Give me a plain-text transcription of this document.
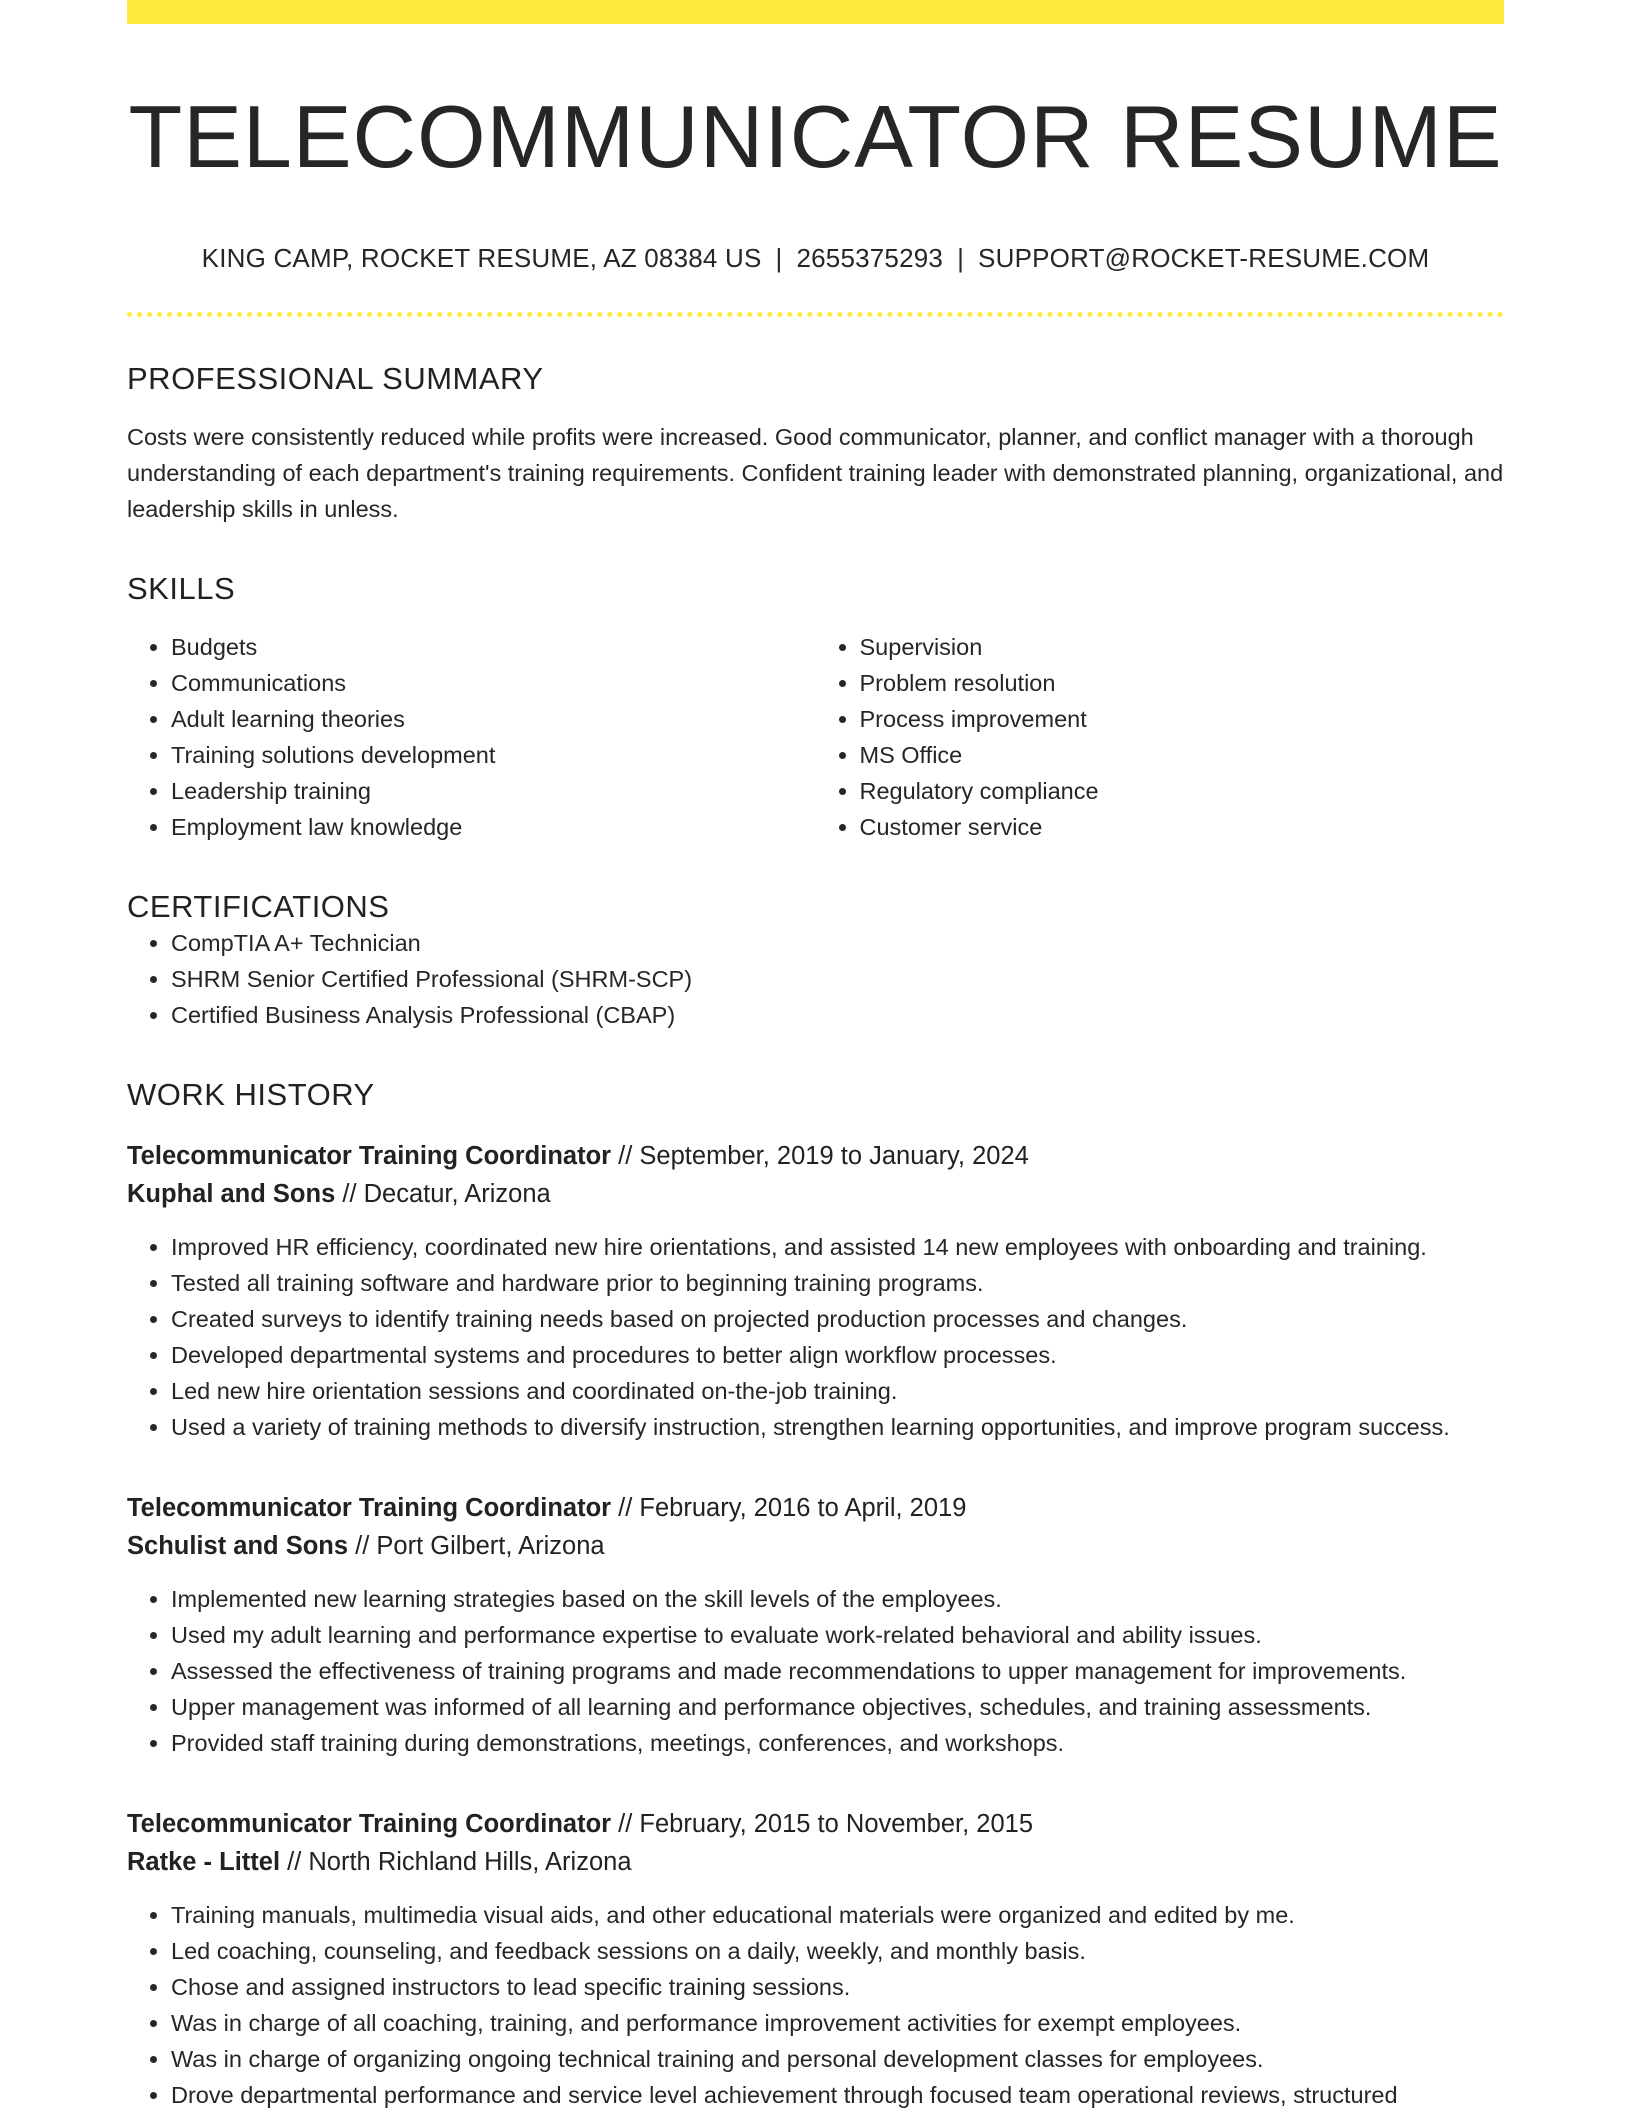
TELECOMMUNICATOR RESUME
KING CAMP, ROCKET RESUME, AZ 08384 US | 2655375293 | SUPPORT@ROCKET-RESUME.COM
PROFESSIONAL SUMMARY

Costs were consistently reduced while profits were increased. Good communicator, planner, and conflict manager with a thorough understanding of each department's training requirements. Confident training leader with demonstrated planning, organizational, and leadership skills in unless.

SKILLS
• Budgets
• Communications
• Adult learning theories
• Training solutions development
• Leadership training
• Employment law knowledge
• Supervision
• Problem resolution
• Process improvement
• MS Office
• Regulatory compliance
• Customer service
CERTIFICATIONS
• CompTIA A+ Technician
• SHRM Senior Certified Professional (SHRM-SCP)
• Certified Business Analysis Professional (CBAP)
WORK HISTORY
Telecommunicator Training Coordinator // September, 2019 to January, 2024
Kuphal and Sons // Decatur, Arizona
• Improved HR efficiency, coordinated new hire orientations, and assisted 14 new employees with onboarding and training.
• Tested all training software and hardware prior to beginning training programs.
• Created surveys to identify training needs based on projected production processes and changes.
• Developed departmental systems and procedures to better align workflow processes.
• Led new hire orientation sessions and coordinated on-the-job training.
• Used a variety of training methods to diversify instruction, strengthen learning opportunities, and improve program success.
Telecommunicator Training Coordinator // February, 2016 to April, 2019
Schulist and Sons // Port Gilbert, Arizona
• Implemented new learning strategies based on the skill levels of the employees.
• Used my adult learning and performance expertise to evaluate work-related behavioral and ability issues.
• Assessed the effectiveness of training programs and made recommendations to upper management for improvements.
• Upper management was informed of all learning and performance objectives, schedules, and training assessments.
• Provided staff training during demonstrations, meetings, conferences, and workshops.
Telecommunicator Training Coordinator // February, 2015 to November, 2015
Ratke - Littel // North Richland Hills, Arizona
• Training manuals, multimedia visual aids, and other educational materials were organized and edited by me.
• Led coaching, counseling, and feedback sessions on a daily, weekly, and monthly basis.
• Chose and assigned instructors to lead specific training sessions.
• Was in charge of all coaching, training, and performance improvement activities for exempt employees.
• Was in charge of organizing ongoing technical training and personal development classes for employees.
• Drove departmental performance and service level achievement through focused team operational reviews, structured
